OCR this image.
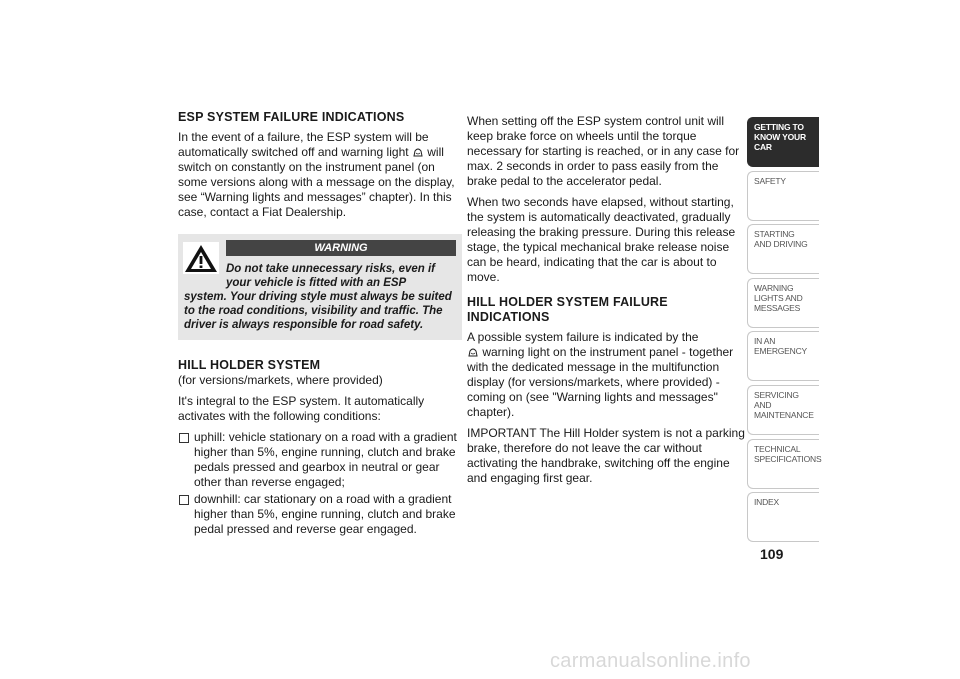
ESP SYSTEM FAILURE INDICATIONS
In the event of a failure, the ESP system will be automatically switched off and warning light will switch on constantly on the instrument panel (on some versions along with a message on the display, see “Warning lights and messages” chapter). In this case, contact a Fiat Dealership.
WARNING
Do not take unnecessary risks, even if
your vehicle is fitted with an ESP
system. Your driving style must always be suited to the road conditions, visibility and traffic. The driver is always responsible for road safety.
HILL HOLDER SYSTEM
(for versions/markets, where provided)
It's integral to the ESP system. It automatically activates with the following conditions:
uphill: vehicle stationary on a road with a gradient higher than 5%, engine running, clutch and brake pedals pressed and gearbox in neutral or gear other than reverse engaged;
downhill: car stationary on a road with a gradient higher than 5%, engine running, clutch and brake pedal pressed and reverse gear engaged.
When setting off the ESP system control unit will keep brake force on wheels until the torque necessary for starting is reached, or in any case for max. 2 seconds in order to pass easily from the brake pedal to the accelerator pedal.
When two seconds have elapsed, without starting, the system is automatically deactivated, gradually releasing the braking pressure. During this release stage, the typical mechanical brake release noise can be heard, indicating that the car is about to move.
HILL HOLDER SYSTEM FAILURE INDICATIONS
A possible system failure is indicated by the
warning light on the instrument panel - together with the dedicated message in the multifunction display (for versions/markets, where provided) - coming on (see "Warning lights and messages" chapter).
IMPORTANT The Hill Holder system is not a parking brake, therefore do not leave the car without activating the handbrake, switching off the engine and engaging first gear.
GETTING TO KNOW YOUR CAR
SAFETY
STARTING AND DRIVING
WARNING LIGHTS AND MESSAGES
IN AN EMERGENCY
SERVICING AND MAINTENANCE
TECHNICAL SPECIFICATIONS
INDEX
109
carmanualsonline.info
